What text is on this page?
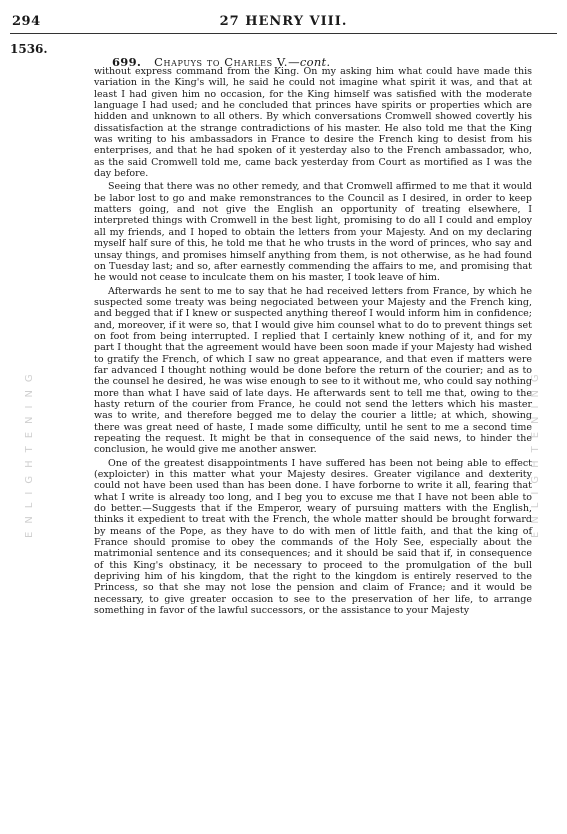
294	27 HENRY VIII.
1536.
699. Chapuys to Charles V.—cont.
ENLIGHTENING	ENLIGHTENING

without express command from the King. On my asking him what could have made this variation in the King's will, he said he could not imagine what spirit it was, and that at least I had given him no occasion, for the King himself was satisfied with the moderate language I had used; and he concluded that princes have spirits or properties which are hidden and unknown to all others. By which conversations Cromwell showed covertly his dissatisfaction at the strange contradictions of his master. He also told me that the King was writing to his ambassadors in France to desire the French king to desist from his enterprises, and that he had spoken of it yesterday also to the French ambassador, who, as the said Cromwell told me, came back yesterday from Court as mortified as I was the day before.

Seeing that there was no other remedy, and that Cromwell affirmed to me that it would be labor lost to go and make remonstrances to the Council as I desired, in order to keep matters going, and not give the English an opportunity of treating elsewhere, I interpreted things with Cromwell in the best light, promising to do all I could and employ all my friends, and I hoped to obtain the letters from your Majesty. And on my declaring myself half sure of this, he told me that he who trusts in the word of princes, who say and unsay things, and promises himself anything from them, is not otherwise, as he had found on Tuesday last; and so, after earnestly commending the affairs to me, and promising that he would not cease to inculcate them on his master, I took leave of him.

Afterwards he sent to me to say that he had received letters from France, by which he suspected some treaty was being negociated between your Majesty and the French king, and begged that if I knew or suspected anything thereof I would inform him in confidence; and, moreover, if it were so, that I would give him counsel what to do to prevent things set on foot from being interrupted. I replied that I certainly knew nothing of it, and for my part I thought that the agreement would have been soon made if your Majesty had wished to gratify the French, of which I saw no great appearance, and that even if matters were far advanced I thought nothing would be done before the return of the courier; and as to the counsel he desired, he was wise enough to see to it without me, who could say nothing more than what I have said of late days. He afterwards sent to tell me that, owing to the hasty return of the courier from France, he could not send the letters which his master was to write, and therefore begged me to delay the courier a little; at which, showing there was great need of haste, I made some difficulty, until he sent to me a second time repeating the request. It might be that in consequence of the said news, to hinder the conclusion, he would give me another answer.

One of the greatest disappointments I have suffered has been not being able to effect (exploicter) in this matter what your Majesty desires. Greater vigilance and dexterity could not have been used than has been done. I have forborne to write it all, fearing that what I write is already too long, and I beg you to excuse me that I have not been able to do better.—Suggests that if the Emperor, weary of pursuing matters with the English, thinks it expedient to treat with the French, the whole matter should be brought forward by means of the Pope, as they have to do with men of little faith, and that the king of France should promise to obey the commands of the Holy See, especially about the matrimonial sentence and its consequences; and it should be said that if, in consequence of this King's obstinacy, it be necessary to proceed to the promulgation of the bull depriving him of his kingdom, that the right to the kingdom is entirely reserved to the Princess, so that she may not lose the pension and claim of France; and it would be necessary, to give greater occasion to see to the preservation of her life, to arrange something in favor of the lawful successors, or the assistance to your Majesty
